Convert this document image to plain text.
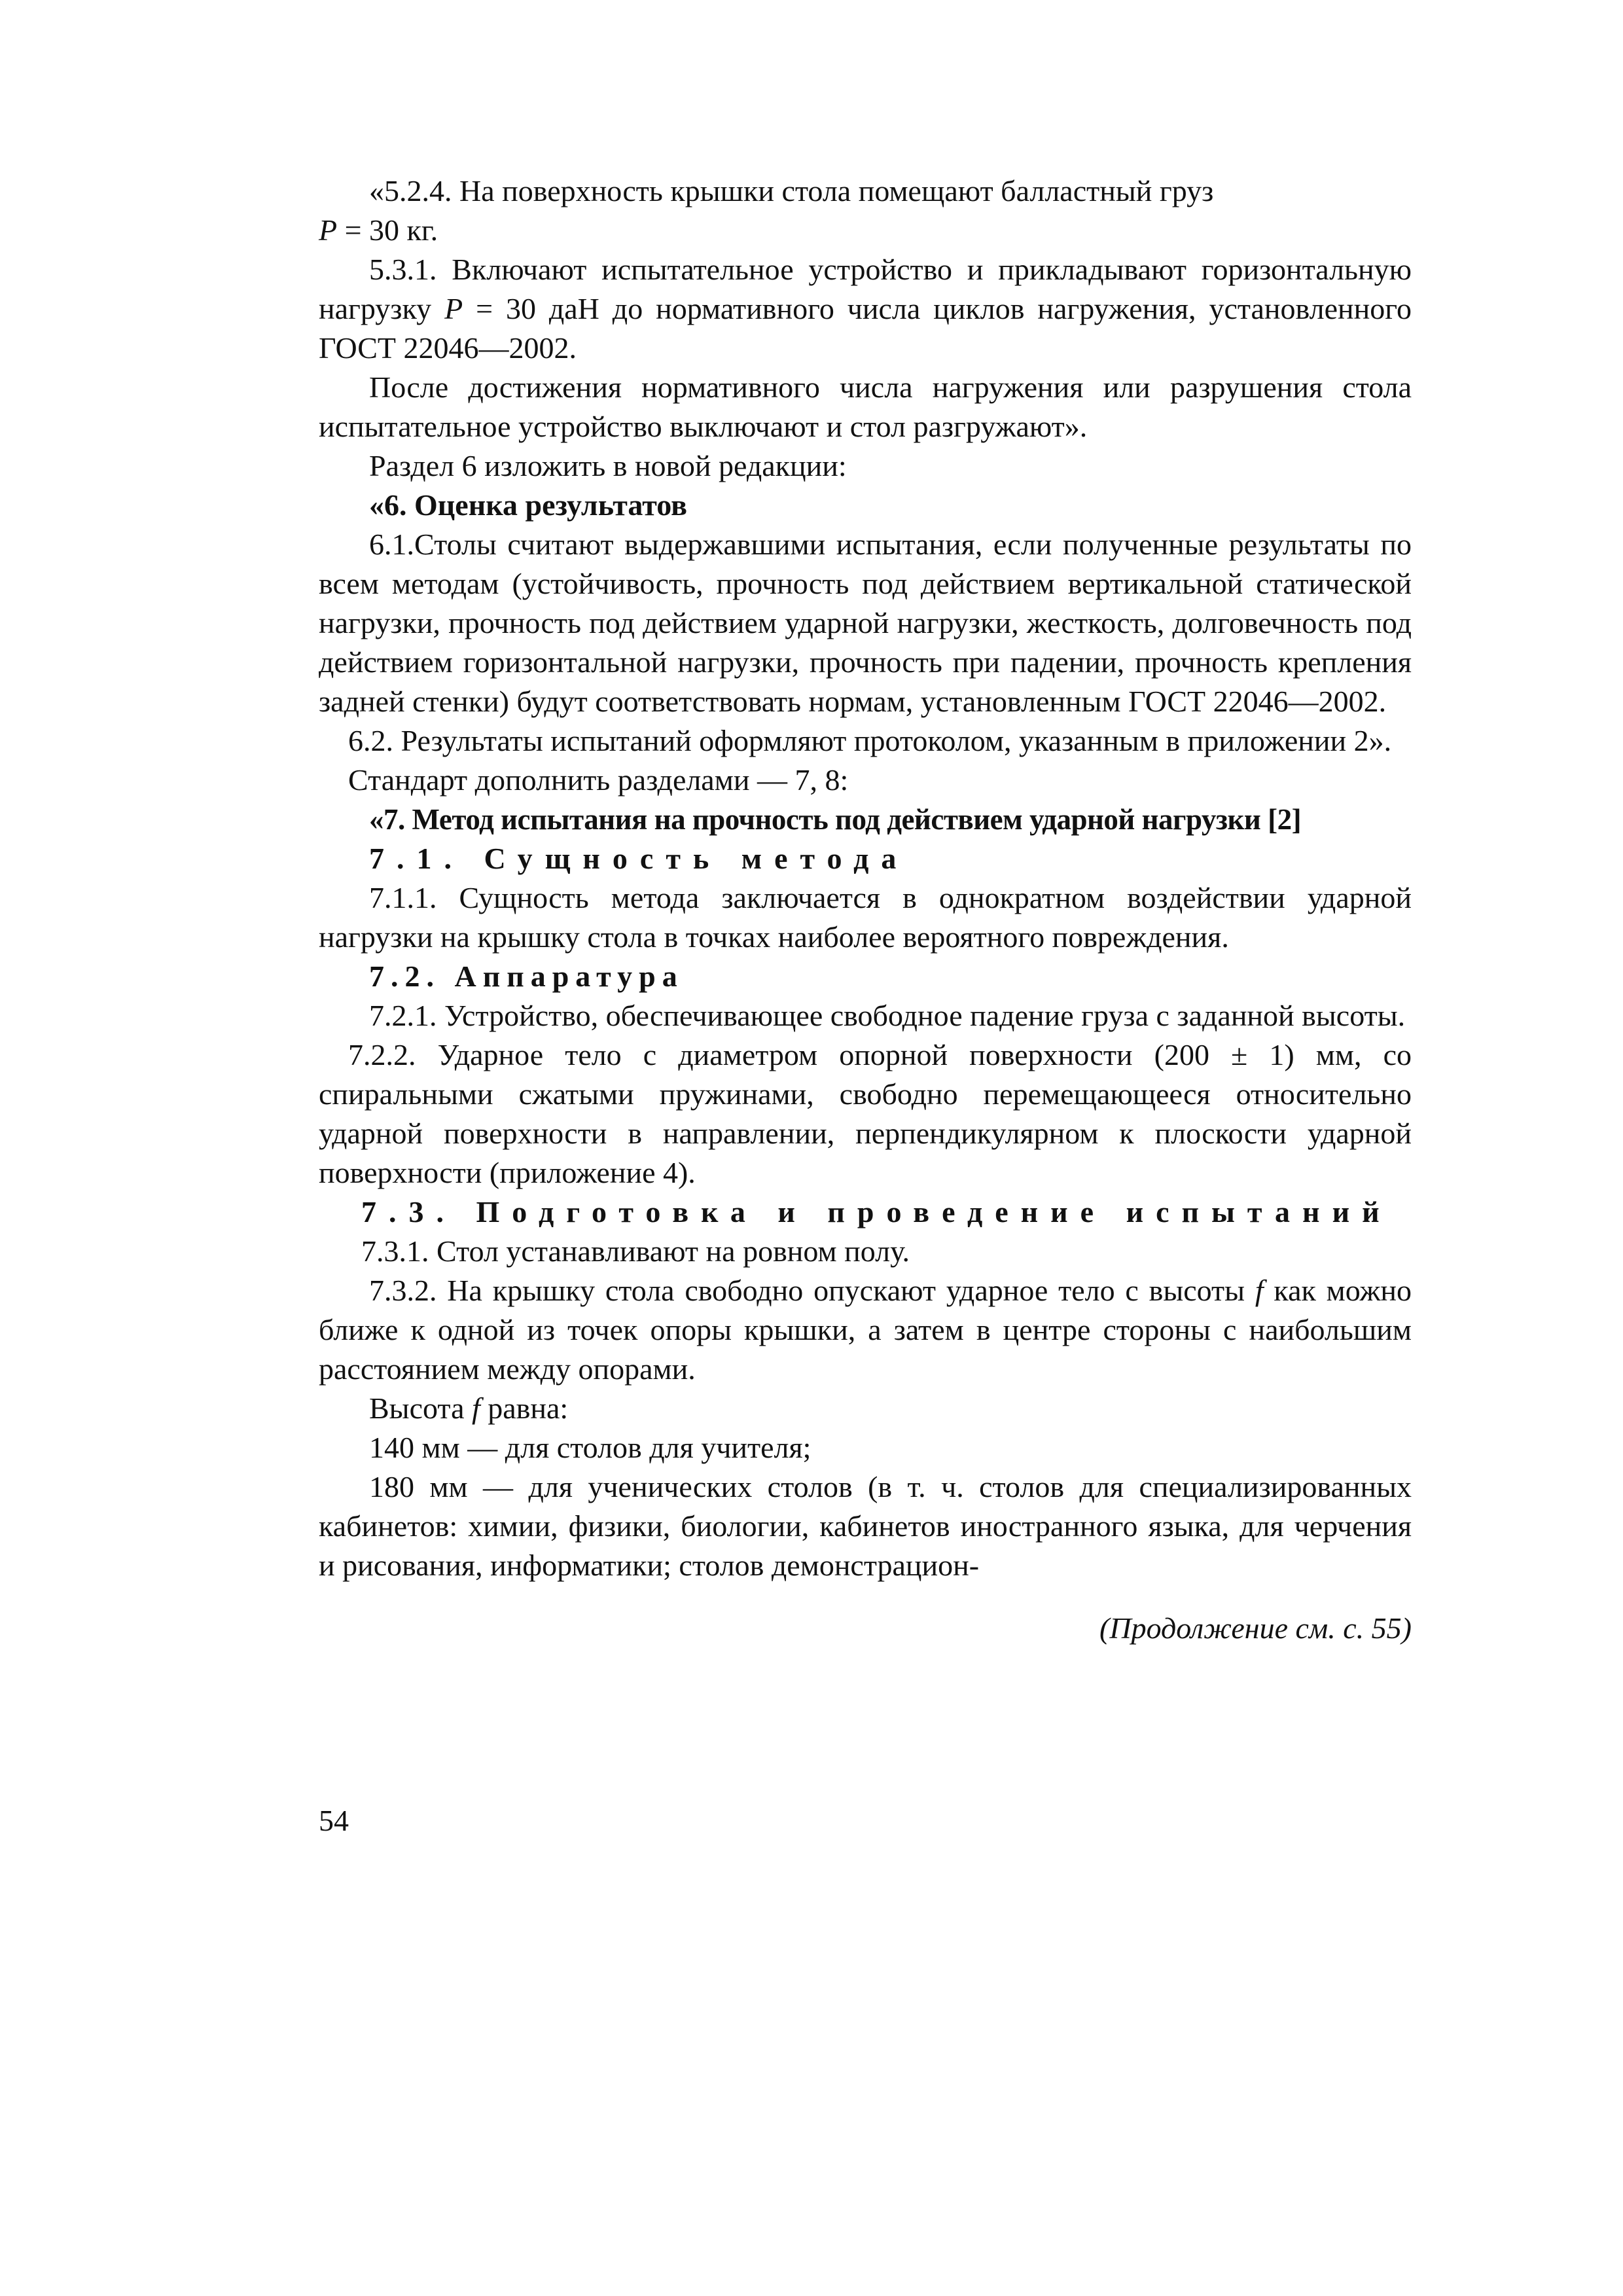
«5.2.4. На поверхность крышки стола помещают балластный груз
P = 30 кг.

5.3.1. Включают испытательное устройство и прикладывают горизонтальную нагрузку P = 30 даН до нормативного числа циклов нагружения, установленного ГОСТ 22046—2002.

После достижения нормативного числа нагружения или разрушения стола испытательное устройство выключают и стол разгружают».

Раздел 6 изложить в новой редакции:

«6. Оценка результатов

6.1.Столы считают выдержавшими испытания, если полученные результаты по всем методам (устойчивость, прочность под действием вертикальной статической нагрузки, прочность под действием ударной нагрузки, жесткость, долговечность под действием горизонтальной нагрузки, прочность при падении, прочность крепления задней стенки) будут соответствовать нормам, установленным ГОСТ 22046—2002.

6.2. Результаты испытаний оформляют протоколом, указанным в приложении 2».

Стандарт дополнить разделами — 7, 8:

«7. Метод испытания на прочность под действием ударной нагрузки [2]

7.1. Сущность метода

7.1.1. Сущность метода заключается в однократном воздействии ударной нагрузки на крышку стола в точках наиболее вероятного повреждения.

7.2. Аппаратура

7.2.1. Устройство, обеспечивающее свободное падение груза с заданной высоты.

7.2.2. Ударное тело с диаметром опорной поверхности (200 ± 1) мм, со спиральными сжатыми пружинами, свободно перемещающееся относительно ударной поверхности в направлении, перпендикулярном к плоскости ударной поверхности (приложение 4).

7.3. Подготовка и проведение испытаний

7.3.1. Стол устанавливают на ровном полу.

7.3.2. На крышку стола свободно опускают ударное тело с высоты f как можно ближе к одной из точек опоры крышки, а затем в центре стороны с наибольшим расстоянием между опорами.

Высота f равна:

140 мм — для столов для учителя;

180 мм — для ученических столов (в т. ч. столов для специализированных кабинетов: химии, физики, биологии, кабинетов иностранного языка, для черчения и рисования, информатики; столов демонстрацион-

(Продолжение см. с. 55)
54
